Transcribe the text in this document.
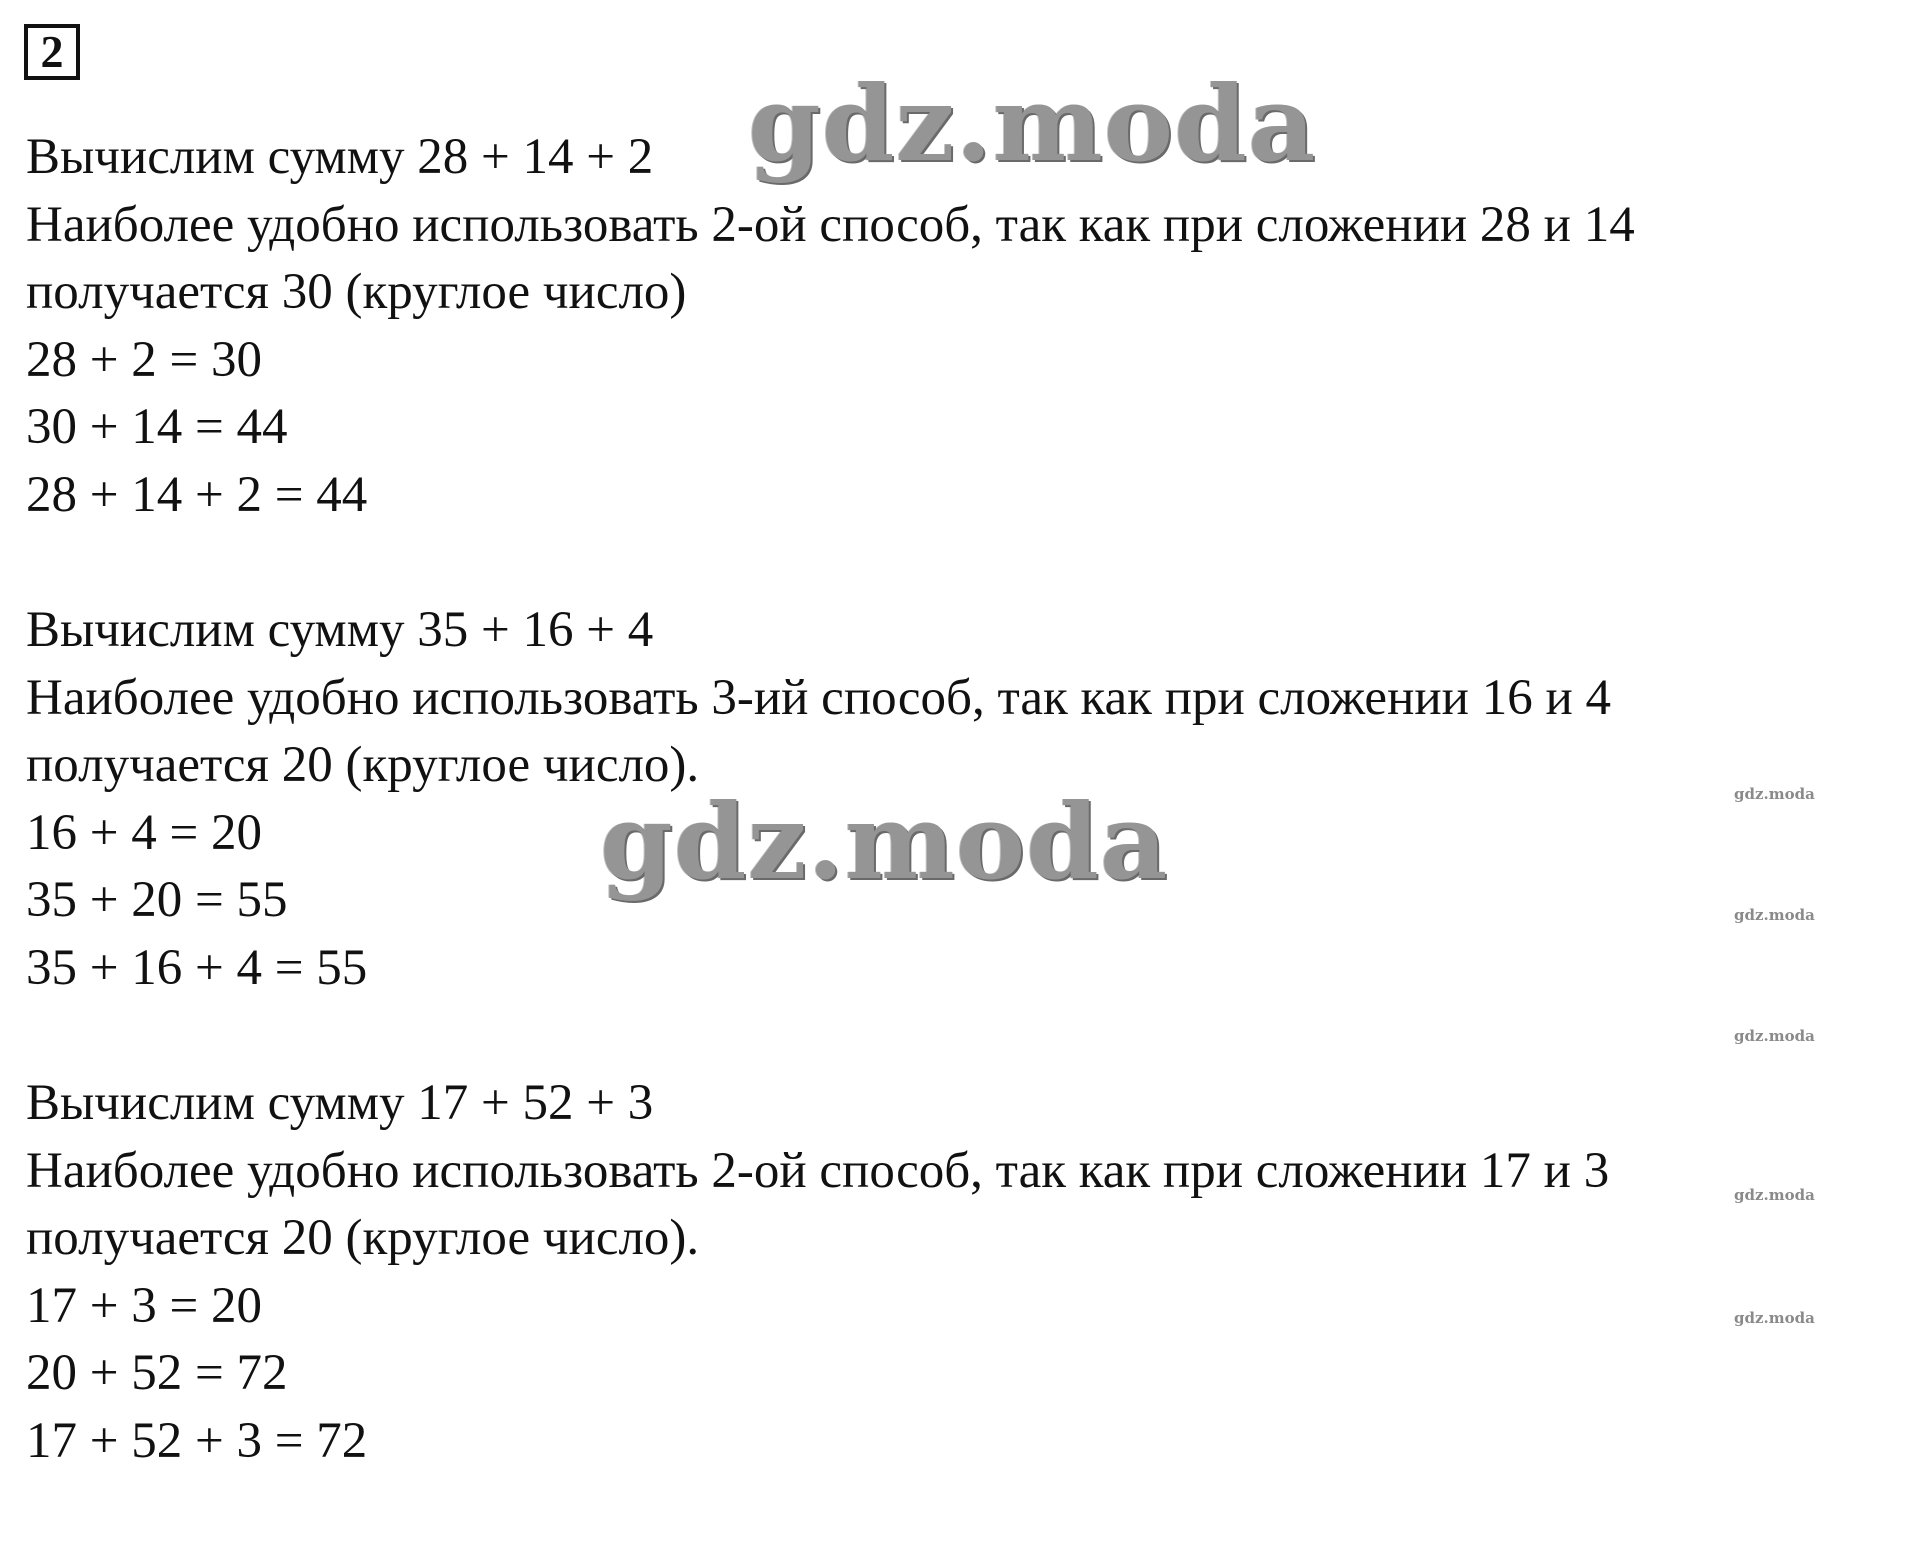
2
Вычислим сумму 28 + 14 + 2
Наиболее удобно использовать 2-ой способ, так как при сложении 28 и 14
получается 30 (круглое число)
28 + 2 = 30
30 + 14 = 44
28 + 14 + 2 = 44
Вычислим сумму 35 + 16 + 4
Наиболее удобно использовать 3-ий способ, так как при сложении 16 и 4
получается 20 (круглое число).
16 + 4 = 20
35 + 20 = 55
35 + 16 + 4 = 55
Вычислим сумму 17 + 52 + 3
Наиболее удобно использовать 2-ой способ, так как при сложении 17 и 3
получается 20 (круглое число).
17 + 3 = 20
20 + 52 = 72
17 + 52 + 3 = 72
gdz.moda
gdz.moda	gdz.moda
gdz.moda
gdz.moda
gdz.moda
gdz.moda
